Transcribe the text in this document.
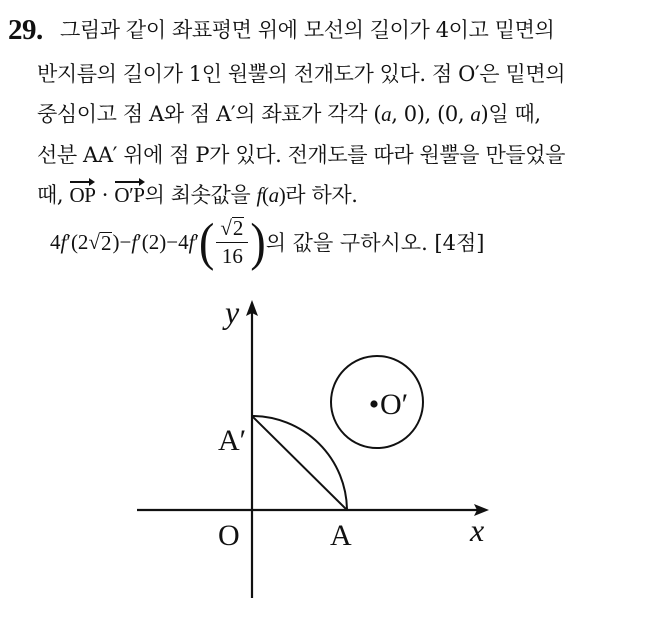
29. 그림과 같이 좌표평면 위에 모선의 길이가 4이고 밑면의
반지름의 길이가 1인 원뿔의 전개도가 있다. 점 O′은 밑면의
중심이고 점 A와 점 A′의 좌표가 각각 (a, 0), (0, a)일 때,
선분 AA′ 위에 점 P가 있다. 전개도를 따라 원뿔을 만들었을
때, OP · O′P의 최솟값을 f(a)라 하자.
4 f ′(2 √ 2 )− f ′(2)−4 f ′ ( $\frac{√2}{16}$ ) 의 값을 구하시오. [4점]
y
x
O	A
A′
O′
